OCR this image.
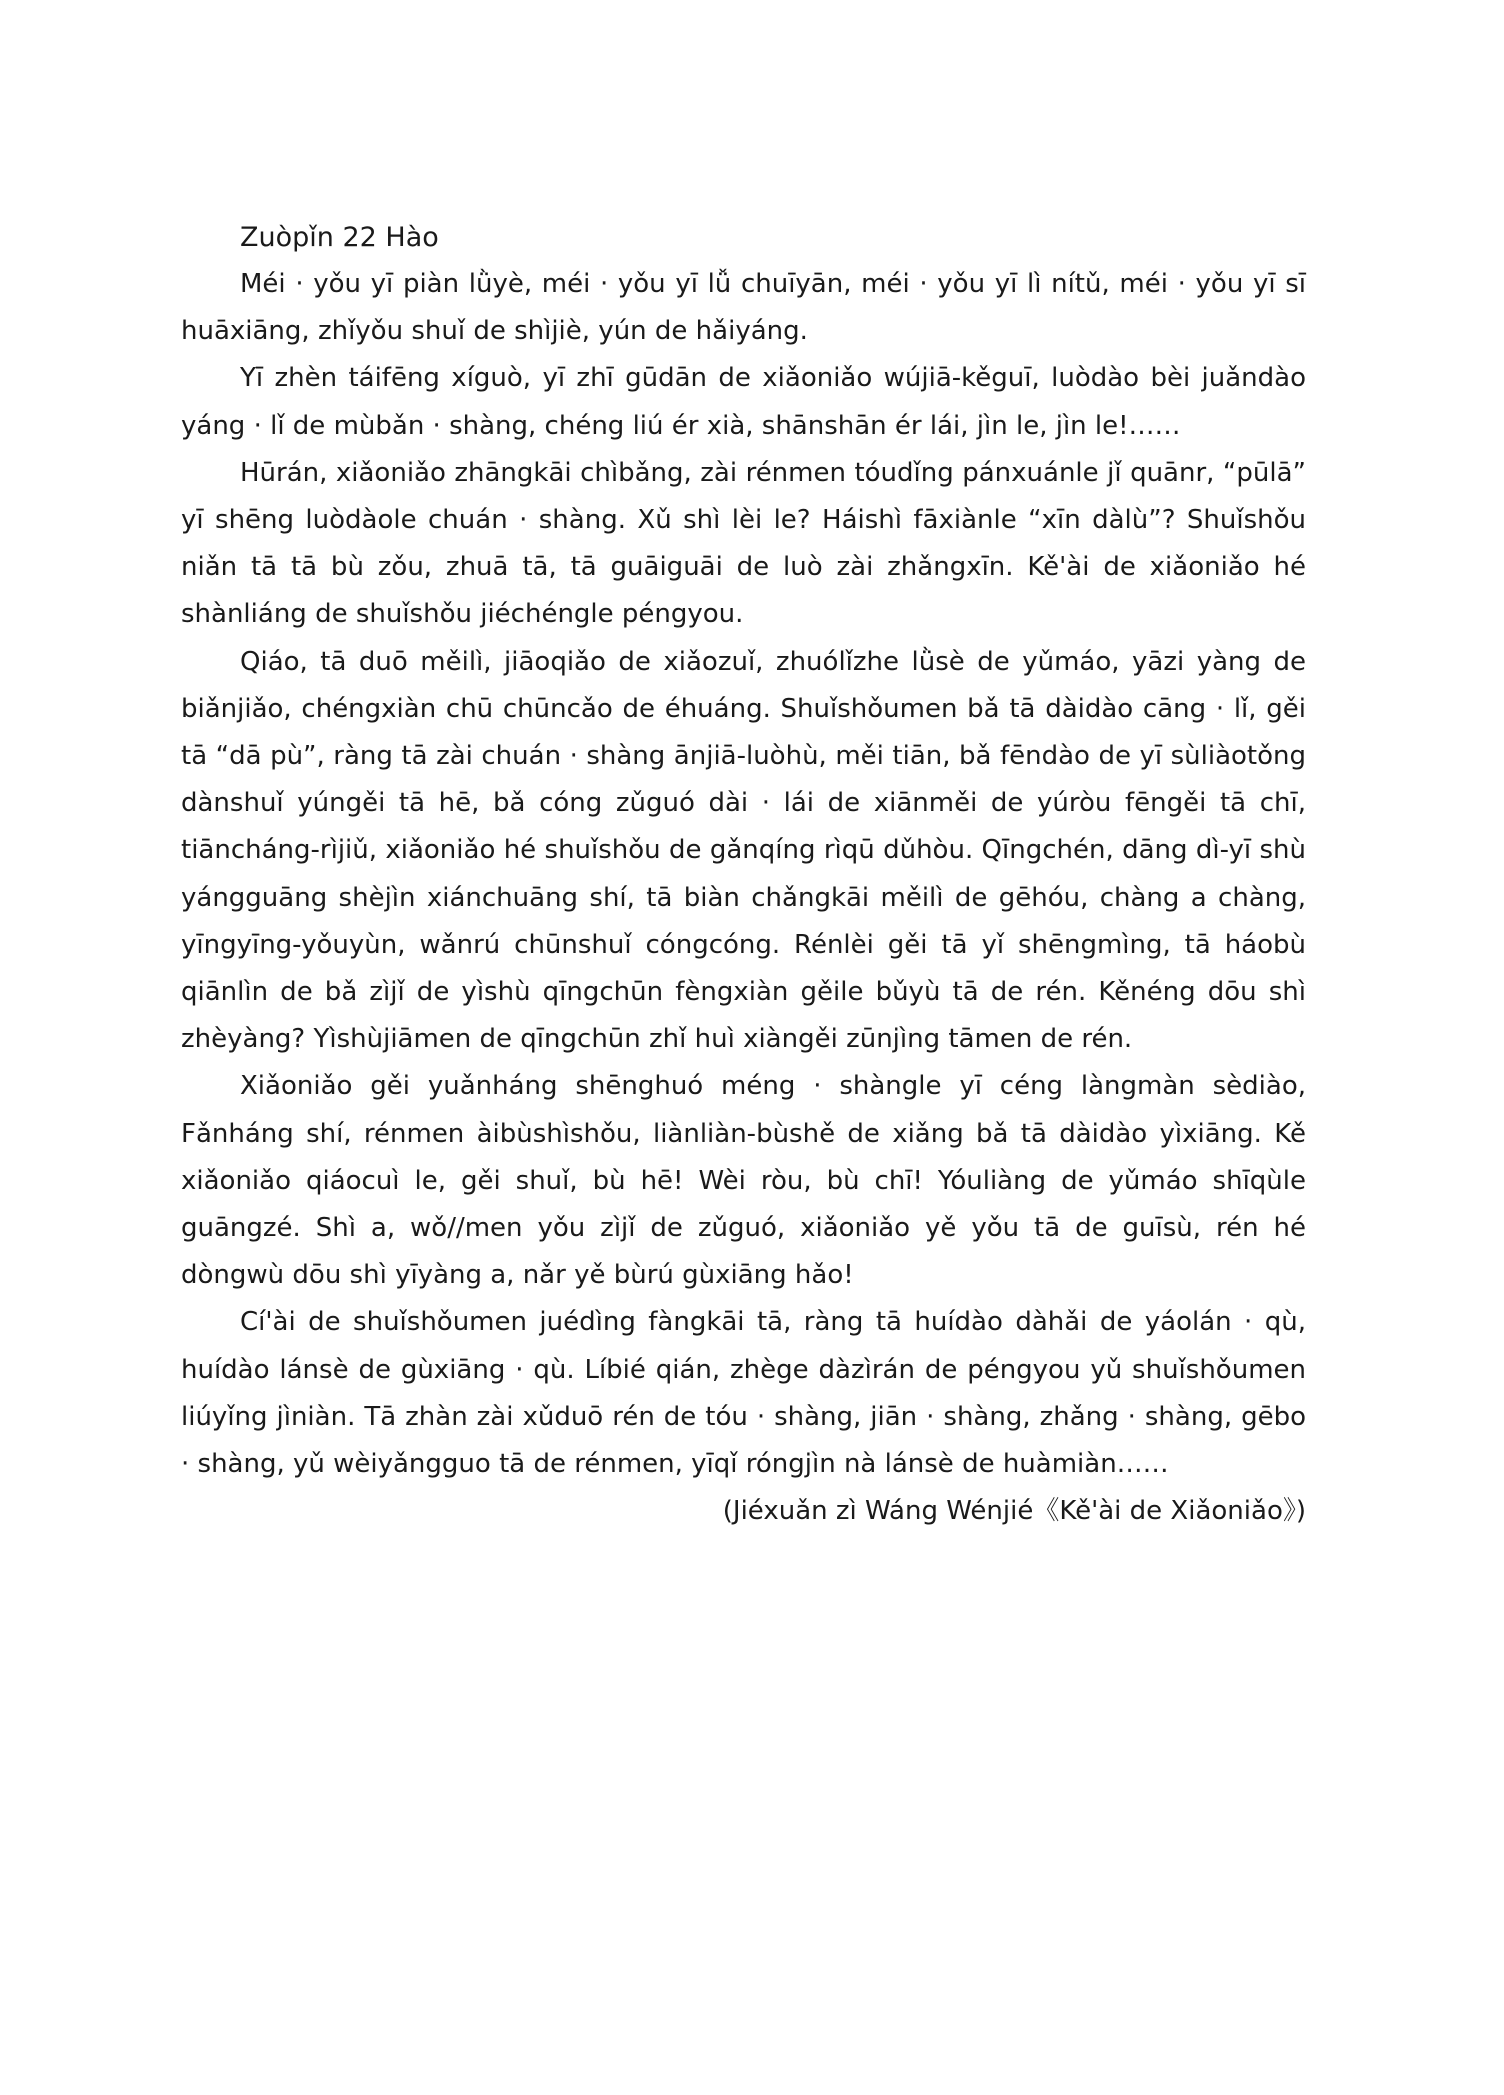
Zuòpǐn 22 Hào

Méi · yǒu yī piàn lǜyè, méi · yǒu yī lǚ chuīyān, méi · yǒu yī lì nítǔ, méi · yǒu yī sī huāxiāng, zhǐyǒu shuǐ de shìjiè, yún de hǎiyáng.

Yī zhèn táifēng xíguò, yī zhī gūdān de xiǎoniǎo wújiā-kěguī, luòdào bèi juǎndào yáng · lǐ de mùbǎn · shàng, chéng liú ér xià, shānshān ér lái, jìn le, jìn le!……

Hūrán, xiǎoniǎo zhāngkāi chìbǎng, zài rénmen tóudǐng pánxuánle jǐ quānr, “pūlā” yī shēng luòdàole chuán · shàng. Xǔ shì lèi le? Háishì fāxiànle “xīn dàlù”? Shuǐshǒu niǎn tā tā bù zǒu, zhuā tā, tā guāiguāi de luò zài zhǎngxīn. Kě'ài de xiǎoniǎo hé shànliáng de shuǐshǒu jiéchéngle péngyou.

Qiáo, tā duō měilì, jiāoqiǎo de xiǎozuǐ, zhuólǐzhe lǜsè de yǔmáo, yāzi yàng de biǎnjiǎo, chéngxiàn chū chūncǎo de éhuáng. Shuǐshǒumen bǎ tā dàidào cāng · lǐ, gěi tā “dā pù”, ràng tā zài chuán · shàng ānjiā-luòhù, měi tiān, bǎ fēndào de yī sùliàotǒng dànshuǐ yúngěi tā hē, bǎ cóng zǔguó dài · lái de xiānměi de yúròu fēngěi tā chī, tiāncháng-rìjiǔ, xiǎoniǎo hé shuǐshǒu de gǎnqíng rìqū dǔhòu. Qīngchén, dāng dì-yī shù yángguāng shèjìn xiánchuāng shí, tā biàn chǎngkāi měilì de gēhóu, chàng a chàng, yīngyīng-yǒuyùn, wǎnrú chūnshuǐ cóngcóng. Rénlèi gěi tā yǐ shēngmìng, tā háobù qiānlìn de bǎ zìjǐ de yìshù qīngchūn fèngxiàn gěile bǔyù tā de rén. Kěnéng dōu shì zhèyàng? Yìshùjiāmen de qīngchūn zhǐ huì xiàngěi zūnjìng tāmen de rén.

Xiǎoniǎo gěi yuǎnháng shēnghuó méng · shàngle yī céng làngmàn sèdiào, Fǎnháng shí, rénmen àibùshìshǒu, liànliàn-bùshě de xiǎng bǎ tā dàidào yìxiāng. Kě xiǎoniǎo qiáocuì le, gěi shuǐ, bù hē! Wèi ròu, bù chī! Yóuliàng de yǔmáo shīqùle guāngzé. Shì a, wǒ//men yǒu zìjǐ de zǔguó, xiǎoniǎo yě yǒu tā de guīsù, rén hé dòngwù dōu shì yīyàng a, nǎr yě bùrú gùxiāng hǎo!

Cí'ài de shuǐshǒumen juédìng fàngkāi tā, ràng tā huídào dàhǎi de yáolán · qù, huídào lánsè de gùxiāng · qù. Líbié qián, zhège dàzìrán de péngyou yǔ shuǐshǒumen liúyǐng jìniàn. Tā zhàn zài xǔduō rén de tóu · shàng, jiān · shàng, zhǎng · shàng, gēbo · shàng, yǔ wèiyǎngguo tā de rénmen, yīqǐ róngjìn nà lánsè de huàmiàn……

(Jiéxuǎn zì Wáng Wénjié《Kě'ài de Xiǎoniǎo》)
